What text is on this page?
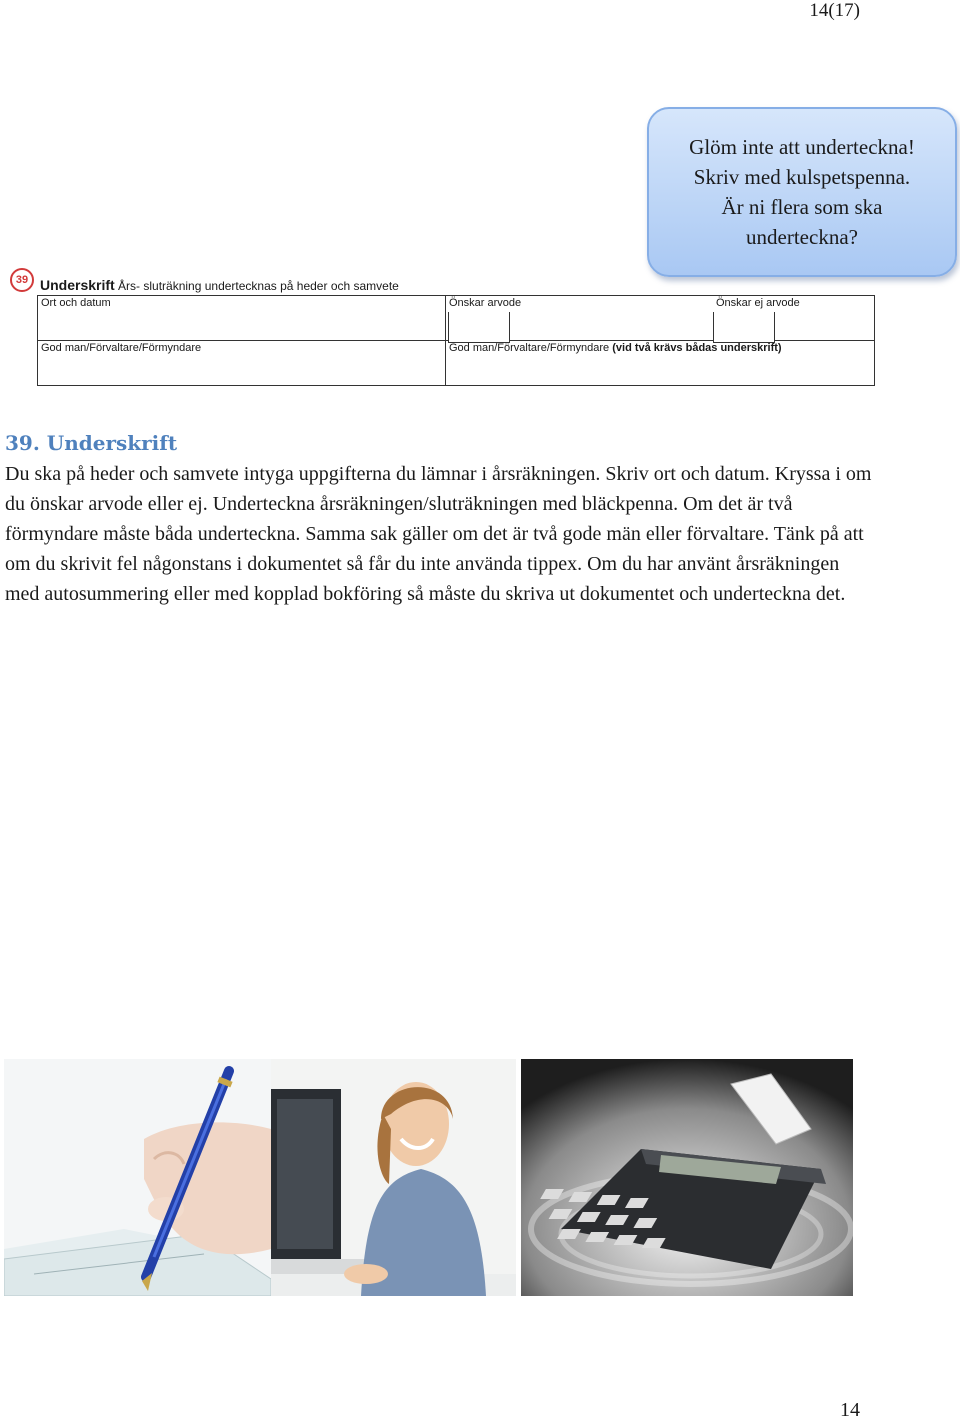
14(17)
Glöm inte att underteckna!
Skriv med kulspetspenna.
Är ni flera som ska
underteckna?
39 Underskrift Års- sluträkning undertecknas på heder och samvete
Ort och datum	Önskar arvode	Önskar ej arvode
God man/Förvaltare/Förmyndare	God man/Förvaltare/Förmyndare (vid två krävs bådas underskrift)
39. Underskrift

Du ska på heder och samvete intyga uppgifterna du lämnar i årsräkningen. Skriv ort och datum. Kryssa i om du önskar arvode eller ej. Underteckna årsräkningen/sluträkningen med bläckpenna. Om det är två förmyndare måste båda underteckna. Samma sak gäller om det är två gode män eller förvaltare. Tänk på att om du skrivit fel någonstans i dokumentet så får du inte använda tippex. Om du har använt årsräkningen med autosummering eller med kopplad bokföring så måste du skriva ut dokumentet och underteckna det.

14
